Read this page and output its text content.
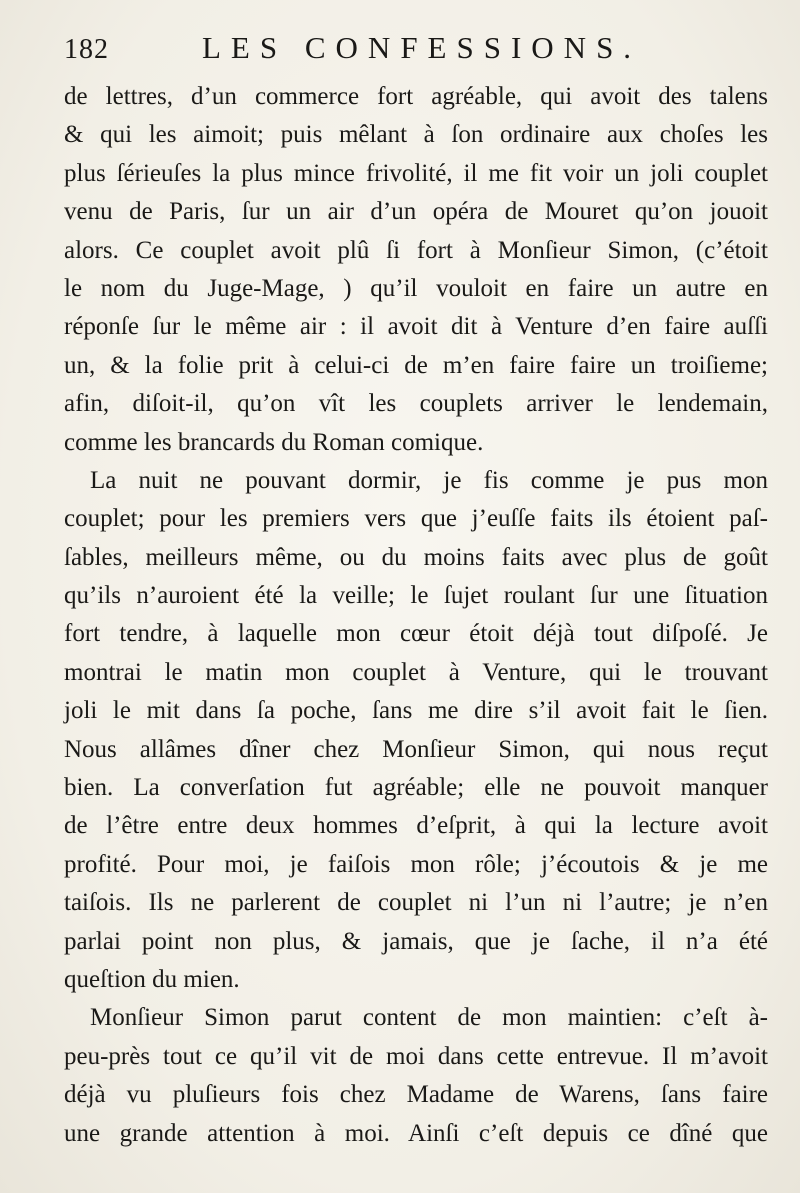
182	LES CONFESSIONS.
de lettres, d’un commerce fort agréable, qui avoit des talens
& qui les aimoit; puis mêlant à ſon ordinaire aux choſes les
plus ſérieuſes la plus mince frivolité, il me fit voir un joli couplet
venu de Paris, ſur un air d’un opéra de Mouret qu’on jouoit
alors. Ce couplet avoit plû ſi fort à Monſieur Simon, (c’étoit
le nom du Juge-Mage, ) qu’il vouloit en faire un autre en
réponſe ſur le même air : il avoit dit à Venture d’en faire auſſi
un, & la folie prit à celui-ci de m’en faire faire un troiſieme;
afin, diſoit-il, qu’on vît les couplets arriver le lendemain,
comme les brancards du Roman comique.
La nuit ne pouvant dormir, je fis comme je pus mon
couplet; pour les premiers vers que j’euſſe faits ils étoient paſ-
ſables, meilleurs même, ou du moins faits avec plus de goût
qu’ils n’auroient été la veille; le ſujet roulant ſur une ſituation
fort tendre, à laquelle mon cœur étoit déjà tout diſpoſé. Je
montrai le matin mon couplet à Venture, qui le trouvant
joli le mit dans ſa poche, ſans me dire s’il avoit fait le ſien.
Nous allâmes dîner chez Monſieur Simon, qui nous reçut
bien. La converſation fut agréable; elle ne pouvoit manquer
de l’être entre deux hommes d’eſprit, à qui la lecture avoit
profité. Pour moi, je faiſois mon rôle; j’écoutois & je me
taiſois. Ils ne parlerent de couplet ni l’un ni l’autre; je n’en
parlai point non plus, & jamais, que je ſache, il n’a été
queſtion du mien.
Monſieur Simon parut content de mon maintien: c’eſt à-
peu-près tout ce qu’il vit de moi dans cette entrevue. Il m’avoit
déjà vu pluſieurs fois chez Madame de Warens, ſans faire
une grande attention à moi. Ainſi c’eſt depuis ce dîné que
